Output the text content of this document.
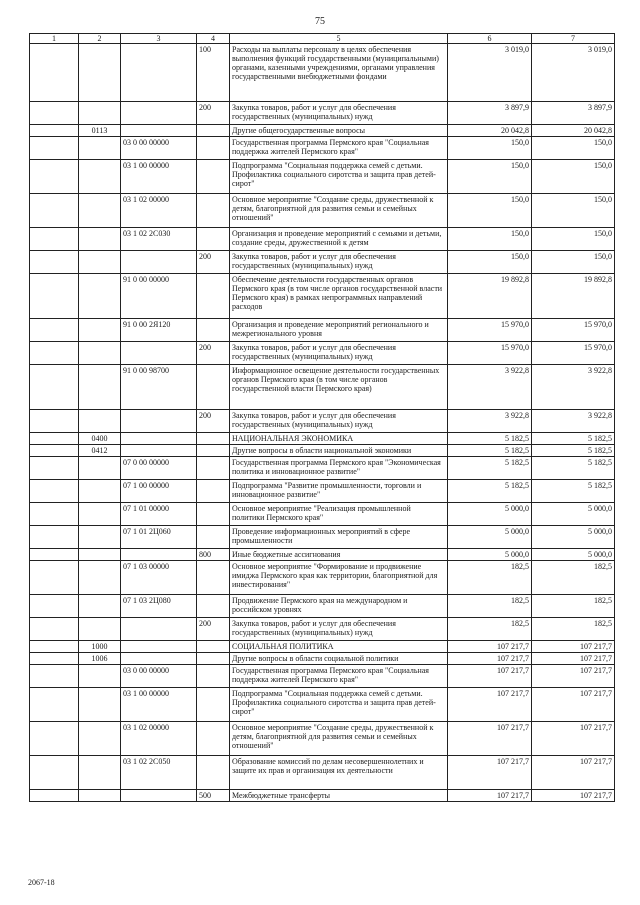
75
1	2	3	4	5	6	7
			100	Расходы на выплаты персоналу в целях обеспечения выполнения функций государственными (муниципальными) органами, казенными учреждениями, органами управления государственными внебюджетными фондами	3 019,0	3 019,0
			200	Закупка товаров, работ и услуг для обеспечения государственных (муниципальных) нужд	3 897,9	3 897,9
	0113			Другие общегосударственные вопросы	20 042,8	20 042,8
		03 0 00 00000		Государственная программа Пермского края "Социальная поддержка жителей Пермского края"	150,0	150,0
		03 1 00 00000		Подпрограмма "Социальная поддержка семей с детьми. Профилактика социального сиротства и защита прав детей-сирот"	150,0	150,0
		03 1 02 00000		Основное мероприятие "Создание среды, дружественной к детям, благоприятной для развития семьи и семейных отношений"	150,0	150,0
		03 1 02 2С030		Организация и проведение мероприятий с семьями и детьми, создание среды, дружественной к детям	150,0	150,0
			200	Закупка товаров, работ и услуг для обеспечения государственных (муниципальных) нужд	150,0	150,0
		91 0 00 00000		Обеспечение деятельности государственных органов Пермского края (в том числе органов государственной власти Пермского края) в рамках непрограммных направлений расходов	19 892,8	19 892,8
		91 0 00 2Я120		Организация и проведение мероприятий регионального и межрегионального уровня	15 970,0	15 970,0
			200	Закупка товаров, работ и услуг для обеспечения государственных (муниципальных) нужд	15 970,0	15 970,0
		91 0 00 98700		Информационное освещение деятельности государственных органов Пермского края (в том числе органов государственной власти Пермского края)	3 922,8	3 922,8
			200	Закупка товаров, работ и услуг для обеспечения государственных (муниципальных) нужд	3 922,8	3 922,8
	0400			НАЦИОНАЛЬНАЯ ЭКОНОМИКА	5 182,5	5 182,5
	0412			Другие вопросы в области национальной экономики	5 182,5	5 182,5
		07 0 00 00000		Государственная программа Пермского края "Экономическая политика и инновационное развитие"	5 182,5	5 182,5
		07 1 00 00000		Подпрограмма "Развитие промышленности, торговли и инновационное развитие"	5 182,5	5 182,5
		07 1 01 00000		Основное мероприятие "Реализация промышленной политики Пермского края"	5 000,0	5 000,0
		07 1 01 2Ц060		Проведение информационных мероприятий в сфере промышленности	5 000,0	5 000,0
			800	Иные бюджетные ассигнования	5 000,0	5 000,0
		07 1 03 00000		Основное мероприятие "Формирование и продвижение имиджа Пермского края как территории, благоприятной для инвестирования"	182,5	182,5
		07 1 03 2Ц080		Продвижение Пермского края на международном и российском уровнях	182,5	182,5
			200	Закупка товаров, работ и услуг для обеспечения государственных (муниципальных) нужд	182,5	182,5
	1000			СОЦИАЛЬНАЯ ПОЛИТИКА	107 217,7	107 217,7
	1006			Другие вопросы в области социальной политики	107 217,7	107 217,7
		03 0 00 00000		Государственная программа Пермского края "Социальная поддержка жителей Пермского края"	107 217,7	107 217,7
		03 1 00 00000		Подпрограмма "Социальная поддержка семей с детьми. Профилактика социального сиротства и защита прав детей-сирот"	107 217,7	107 217,7
		03 1 02 00000		Основное мероприятие "Создание среды, дружественной к детям, благоприятной для развития семьи и семейных отношений"	107 217,7	107 217,7
		03 1 02 2С050		Образование комиссий по делам несовершеннолетних и защите их прав и организация их деятельности	107 217,7	107 217,7
			500	Межбюджетные трансферты	107 217,7	107 217,7
2067-18
